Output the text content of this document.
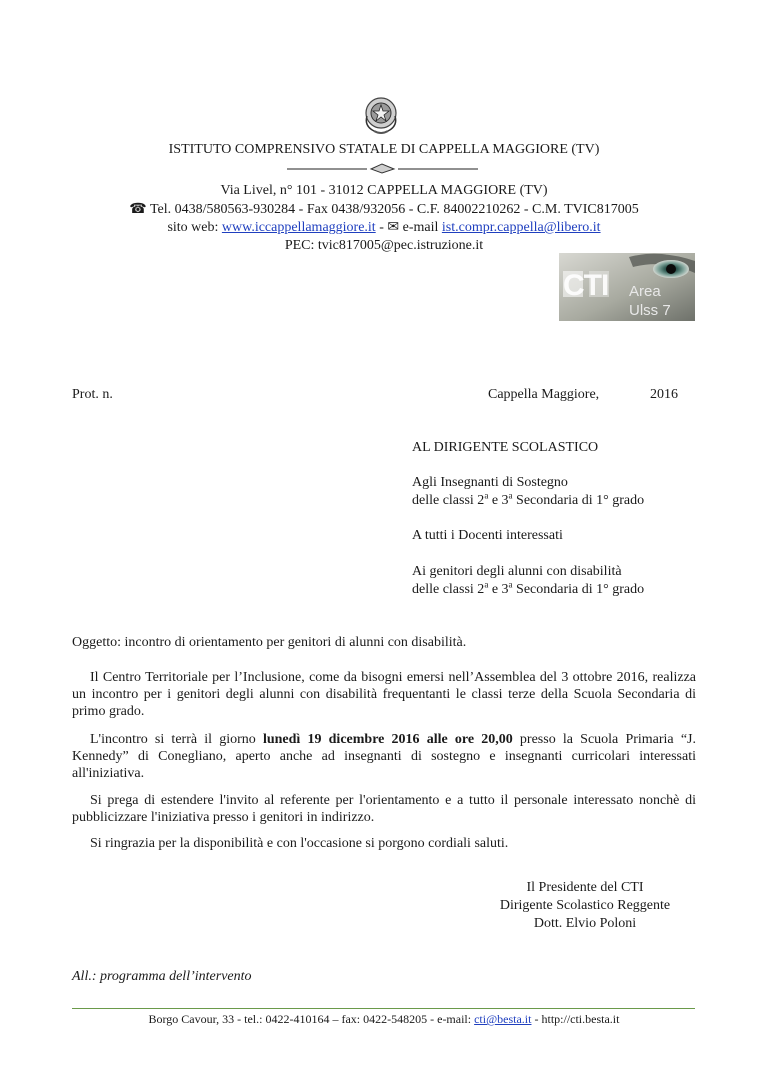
ISTITUTO COMPRENSIVO STATALE DI CAPPELLA MAGGIORE (TV)
Via Livel, n° 101 - 31012 CAPPELLA MAGGIORE (TV)
☎ Tel. 0438/580563-930284 - Fax 0438/932056 - C.F. 84002210262 - C.M. TVIC817005
sito web: www.iccappellamaggiore.it - ✉ e-mail ist.compr.cappella@libero.it
PEC: tvic817005@pec.istruzione.it
CTI Area
Ulss 7
Prot. n.	Cappella Maggiore,	2016
AL DIRIGENTE SCOLASTICO
Agli Insegnanti di Sostegno
delle classi 2$^a$ e 3$^a$ Secondaria di 1° grado
A tutti i Docenti interessati
Ai genitori degli alunni con disabilità
delle classi 2$^a$ e 3$^a$ Secondaria di 1° grado
Oggetto: incontro di orientamento per genitori di alunni con disabilità.
Il Centro Territoriale per l’Inclusione, come da bisogni emersi nell’Assemblea del 3 ottobre 2016, realizza un incontro per i genitori degli alunni con disabilità frequentanti le classi terze della Scuola Secondaria di primo grado.
L'incontro si terrà il giorno lunedì 19 dicembre 2016 alle ore 20,00 presso la Scuola Primaria “J. Kennedy” di Conegliano, aperto anche ad insegnanti di sostegno e insegnanti curricolari interessati all'iniziativa.
Si prega di estendere l'invito al referente per l'orientamento e a tutto il personale interessato nonchè di pubblicizzare l'iniziativa presso i genitori in indirizzo.
Si ringrazia per la disponibilità e con l'occasione si porgono cordiali saluti.
Il Presidente del CTI
Dirigente Scolastico Reggente
Dott. Elvio Poloni
All.: programma dell’intervento
Borgo Cavour, 33 - tel.: 0422-410164 – fax: 0422-548205 - e-mail: cti@besta.it - http://cti.besta.it
